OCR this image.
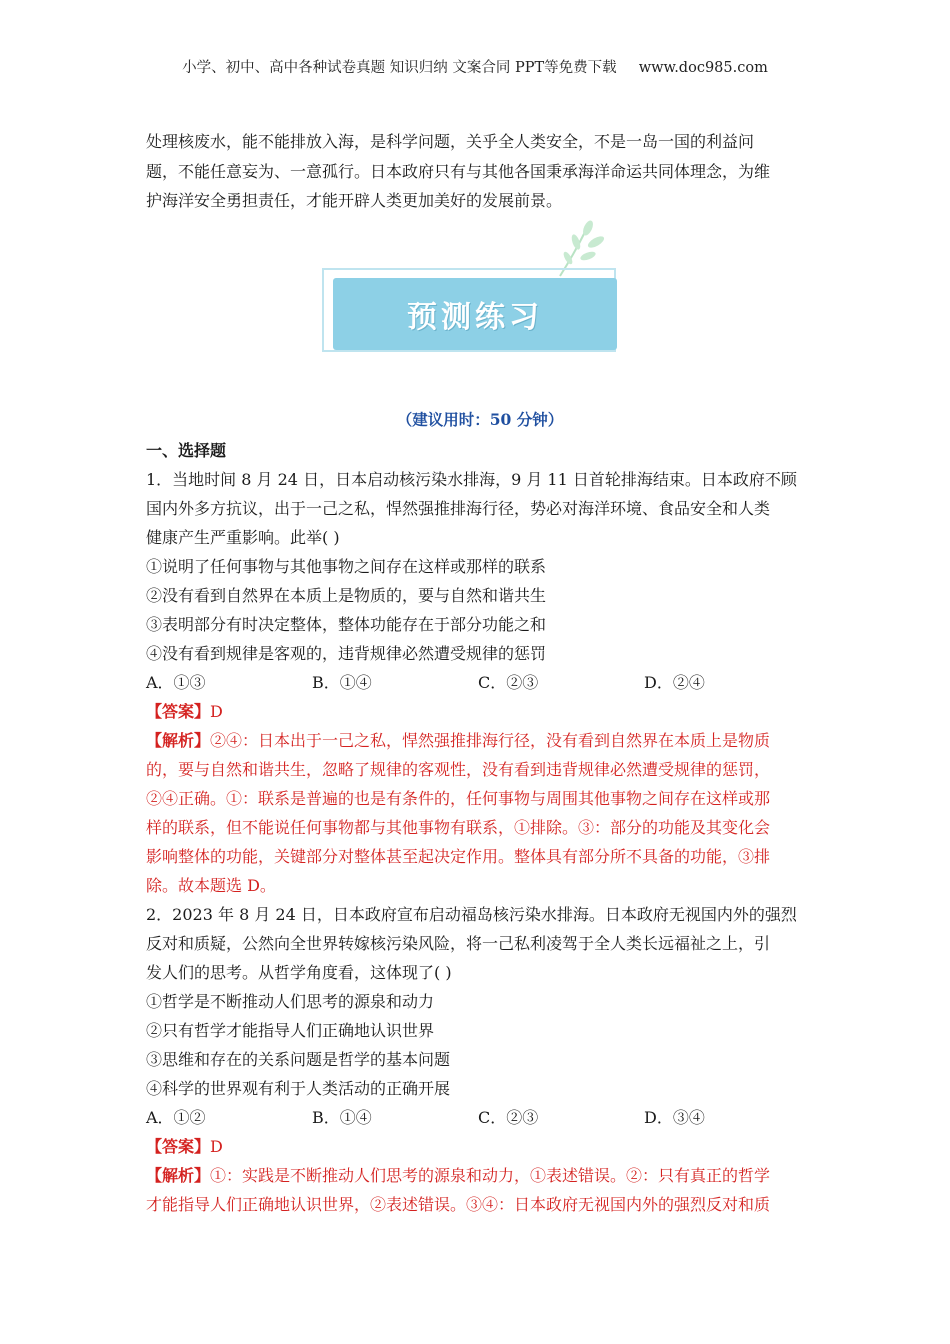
小学、初中、高中各种试卷真题 知识归纳 文案合同 PPT等免费下载 www.doc985.com

处理核废水，能不能排放入海，是科学问题，关乎全人类安全，不是一岛一国的利益问

题，不能任意妄为、一意孤行。日本政府只有与其他各国秉承海洋命运共同体理念，为维

护海洋安全勇担责任，才能开辟人类更加美好的发展前景。

预测练习

（建议用时：50 分钟）

一、选择题

1．当地时间 8 月 24 日，日本启动核污染水排海，9 月 11 日首轮排海结束。日本政府不顾

国内外多方抗议，出于一己之私，悍然强推排海行径，势必对海洋环境、食品安全和人类

健康产生严重影响。此举( )

①说明了任何事物与其他事物之间存在这样或那样的联系

②没有看到自然界在本质上是物质的，要与自然和谐共生

③表明部分有时决定整体，整体功能存在于部分功能之和

④没有看到规律是客观的，违背规律必然遭受规律的惩罚

A．①③	B．①④	C．②③	D．②④

【答案】D

【解析】②④：日本出于一己之私，悍然强推排海行径，没有看到自然界在本质上是物质

的，要与自然和谐共生，忽略了规律的客观性，没有看到违背规律必然遭受规律的惩罚，

②④正确。①：联系是普遍的也是有条件的，任何事物与周围其他事物之间存在这样或那

样的联系，但不能说任何事物都与其他事物有联系，①排除。③：部分的功能及其变化会

影响整体的功能，关键部分对整体甚至起决定作用。整体具有部分所不具备的功能，③排

除。故本题选 D。

2．2023 年 8 月 24 日，日本政府宣布启动福岛核污染水排海。日本政府无视国内外的强烈

反对和质疑，公然向全世界转嫁核污染风险，将一己私利凌驾于全人类长远福祉之上，引

发人们的思考。从哲学角度看，这体现了( )

①哲学是不断推动人们思考的源泉和动力

②只有哲学才能指导人们正确地认识世界

③思维和存在的关系问题是哲学的基本问题

④科学的世界观有利于人类活动的正确开展

A．①②	B．①④	C．②③	D．③④

【答案】D

【解析】①：实践是不断推动人们思考的源泉和动力，①表述错误。②：只有真正的哲学

才能指导人们正确地认识世界，②表述错误。③④：日本政府无视国内外的强烈反对和质
